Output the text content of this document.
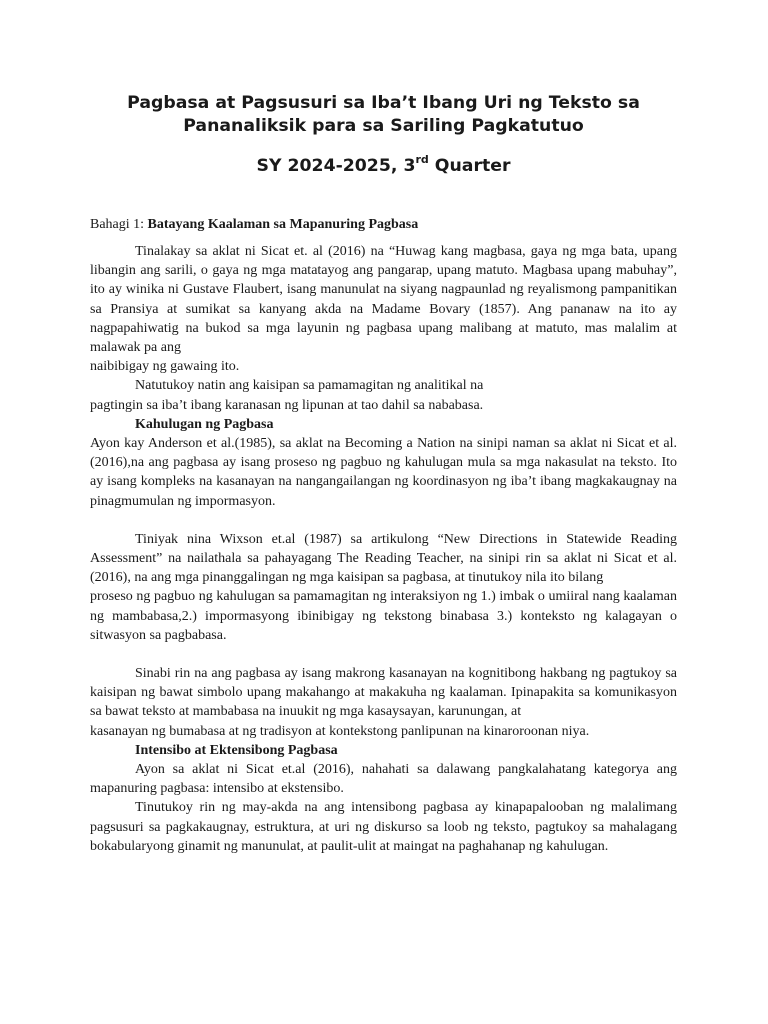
Pagbasa at Pagsusuri sa Iba’t Ibang Uri ng Teksto sa Pananaliksik para sa Sariling Pagkatutuo
SY 2024-2025, 3rd Quarter

Bahagi 1: Batayang Kaalaman sa Mapanuring Pagbasa

Tinalakay sa aklat ni Sicat et. al (2016) na “Huwag kang magbasa, gaya ng mga bata, upang libangin ang sarili, o gaya ng mga matatayog ang pangarap, upang matuto. Magbasa upang mabuhay”, ito ay winika ni Gustave Flaubert, isang manunulat na siyang nagpaunlad ng reyalismong pampanitikan sa Pransiya at sumikat sa kanyang akda na Madame Bovary (1857). Ang pananaw na ito ay nagpapahiwatig na bukod sa mga layunin ng pagbasa upang malibang at matuto, mas malalim at malawak pa ang
naibibigay ng gawaing ito.

Natutukoy natin ang kaisipan sa pamamagitan ng analitikal na
pagtingin sa iba’t ibang karanasan ng lipunan at tao dahil sa nababasa.

Kahulugan ng Pagbasa

Ayon kay Anderson et al.(1985), sa aklat na Becoming a Nation na sinipi naman sa aklat ni Sicat et al.(2016),na ang pagbasa ay isang proseso ng pagbuo ng kahulugan mula sa mga nakasulat na teksto. Ito ay isang kompleks na kasanayan na nangangailangan ng koordinasyon ng iba’t ibang magkakaugnay na pinagmumulan ng impormasyon.

Tiniyak nina Wixson et.al (1987) sa artikulong “New Directions in Statewide Reading Assessment” na nailathala sa pahayagang The Reading Teacher, na sinipi rin sa aklat ni Sicat et al.(2016), na ang mga pinanggalingan ng mga kaisipan sa pagbasa, at tinutukoy nila ito bilang
proseso ng pagbuo ng kahulugan sa pamamagitan ng interaksiyon ng 1.) imbak o umiiral nang kaalaman ng mambabasa,2.) impormasyong ibinibigay ng tekstong binabasa 3.) konteksto ng kalagayan o sitwasyon sa pagbabasa.

Sinabi rin na ang pagbasa ay isang makrong kasanayan na kognitibong hakbang ng pagtukoy sa kaisipan ng bawat simbolo upang makahango at makakuha ng kaalaman. Ipinapakita sa komunikasyon sa bawat teksto at mambabasa na inuukit ng mga kasaysayan, karunungan, at
kasanayan ng bumabasa at ng tradisyon at kontekstong panlipunan na kinaroroonan niya.

Intensibo at Ektensibong Pagbasa

Ayon sa aklat ni Sicat et.al (2016), nahahati sa dalawang pangkalahatang kategorya ang mapanuring pagbasa: intensibo at ekstensibo.

Tinutukoy rin ng may-akda na ang intensibong pagbasa ay kinapapalooban ng malalimang pagsusuri sa pagkakaugnay, estruktura, at uri ng diskurso sa loob ng teksto, pagtukoy sa mahalagang bokabularyong ginamit ng manunulat, at paulit-ulit at maingat na paghahanap ng kahulugan.
